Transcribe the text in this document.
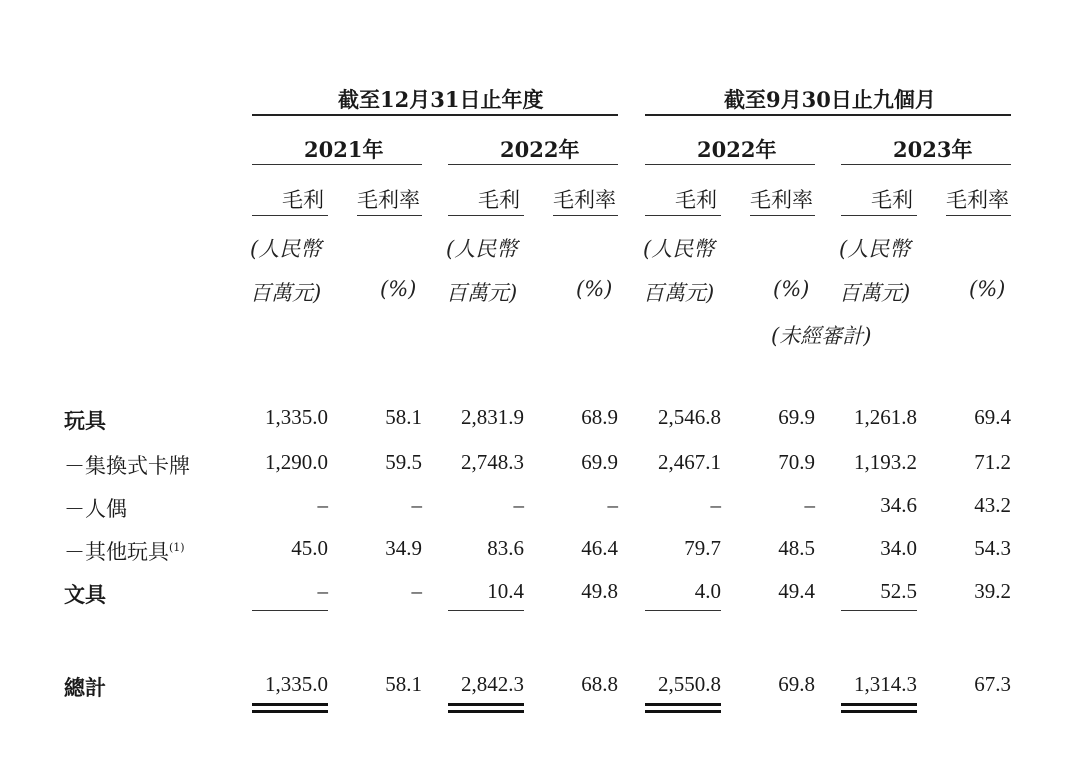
截至12月31日止年度	截至9月30日止九個月
2021年	2022年	2022年	2023年
毛利 毛利率	毛利 毛利率	毛利 毛利率	毛利 毛利率
(人民幣
百萬元)	(%)
(人民幣
百萬元)	(%)
(人民幣
百萬元)	(%)
(未經審計)
(人民幣
百萬元)	(%)
玩具	1,335.0	58.1	2,831.9	68.9	2,546.8	69.9	1,261.8	69.4
－集換式卡牌	1,290.0	59.5	2,748.3	69.9	2,467.1	70.9	1,193.2	71.2
－人偶	–	–	–	–	–	–	34.6	43.2
－其他玩具$^{(1)}$	45.0	34.9	83.6	46.4	79.7	48.5	34.0	54.3
文具	–	–	10.4	49.8	4.0	49.4	52.5	39.2
總計	1,335.0	58.1	2,842.3	68.8	2,550.8	69.8	1,314.3	67.3
